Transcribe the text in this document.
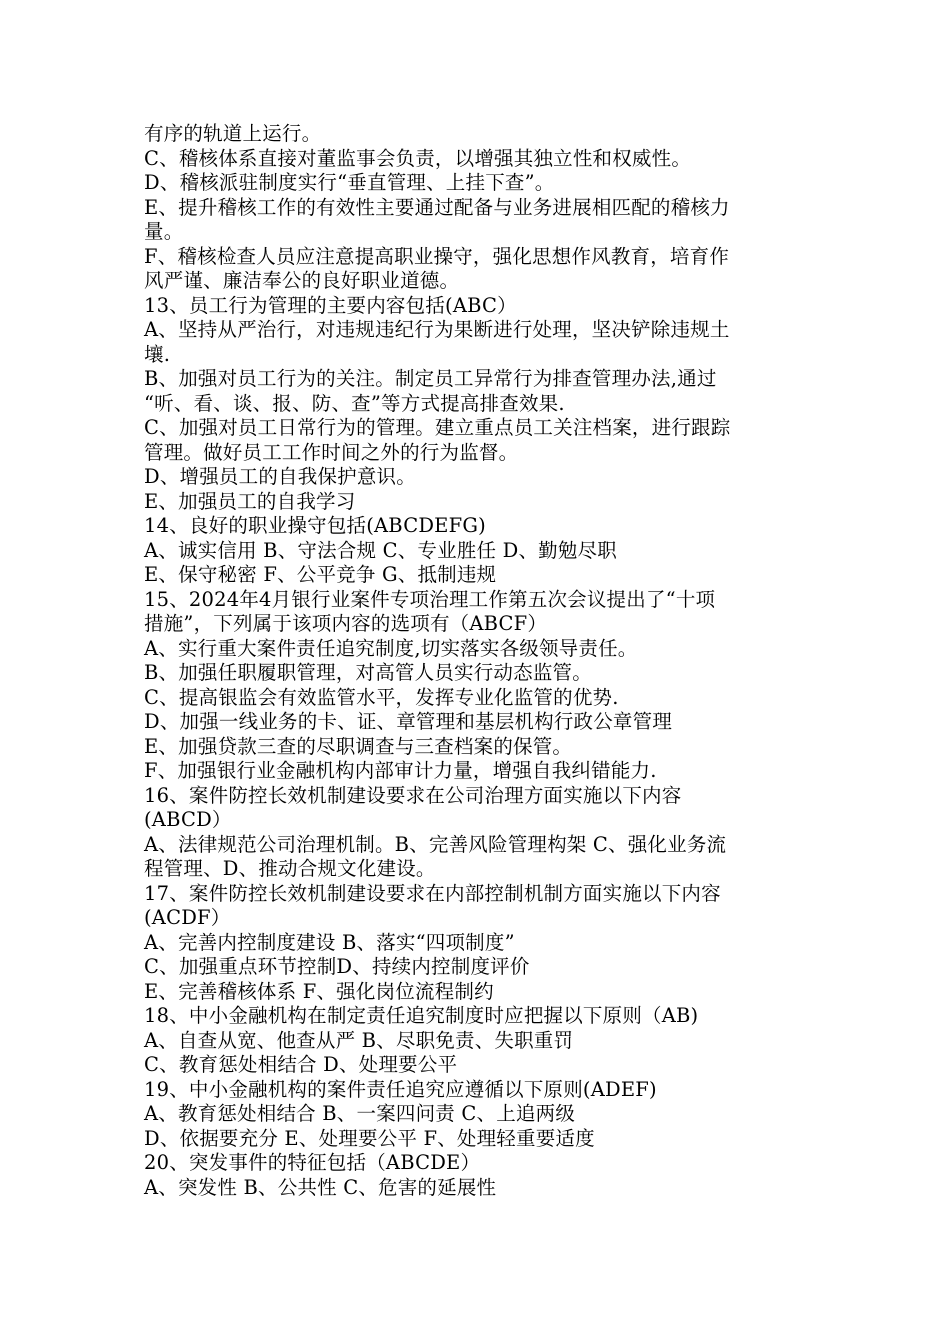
有序的轨道上运行。
C、稽核体系直接对董监事会负责，以增强其独立性和权威性。
D、稽核派驻制度实行“垂直管理、上挂下查”。
E、提升稽核工作的有效性主要通过配备与业务进展相匹配的稽核力
量。
F、稽核检查人员应注意提高职业操守，强化思想作风教育，培育作
风严谨、廉洁奉公的良好职业道德。
13、员工行为管理的主要内容包括(ABC）
A、坚持从严治行，对违规违纪行为果断进行处理，坚决铲除违规土
壤.
B、加强对员工行为的关注。制定员工异常行为排查管理办法,通过
“听、看、谈、报、防、查”等方式提高排查效果.
C、加强对员工日常行为的管理。建立重点员工关注档案，进行跟踪
管理。做好员工工作时间之外的行为监督。
D、增强员工的自我保护意识。
E、加强员工的自我学习
14、良好的职业操守包括(ABCDEFG)
A、诚实信用 B、守法合规 C、专业胜任 D、勤勉尽职
E、保守秘密 F、公平竞争 G、抵制违规
15、2024年4月银行业案件专项治理工作第五次会议提出了“十项
措施”，下列属于该项内容的选项有（ABCF）
A、实行重大案件责任追究制度,切实落实各级领导责任。
B、加强任职履职管理，对高管人员实行动态监管。
C、提高银监会有效监管水平，发挥专业化监管的优势.
D、加强一线业务的卡、证、章管理和基层机构行政公章管理
E、加强贷款三查的尽职调查与三查档案的保管。
F、加强银行业金融机构内部审计力量，增强自我纠错能力.
16、案件防控长效机制建设要求在公司治理方面实施以下内容
(ABCD）
A、法律规范公司治理机制。B、完善风险管理构架 C、强化业务流
程管理、D、推动合规文化建设。
17、案件防控长效机制建设要求在内部控制机制方面实施以下内容
(ACDF）
A、完善内控制度建设 B、落实“四项制度”
C、加强重点环节控制D、持续内控制度评价
E、完善稽核体系 F、强化岗位流程制约
18、中小金融机构在制定责任追究制度时应把握以下原则（AB)
A、自查从宽、他查从严 B、尽职免责、失职重罚
C、教育惩处相结合 D、处理要公平
19、中小金融机构的案件责任追究应遵循以下原则(ADEF)
A、教育惩处相结合 B、一案四问责 C、上追两级
D、依据要充分 E、处理要公平 F、处理轻重要适度
20、突发事件的特征包括（ABCDE）
A、突发性 B、公共性 C、危害的延展性
